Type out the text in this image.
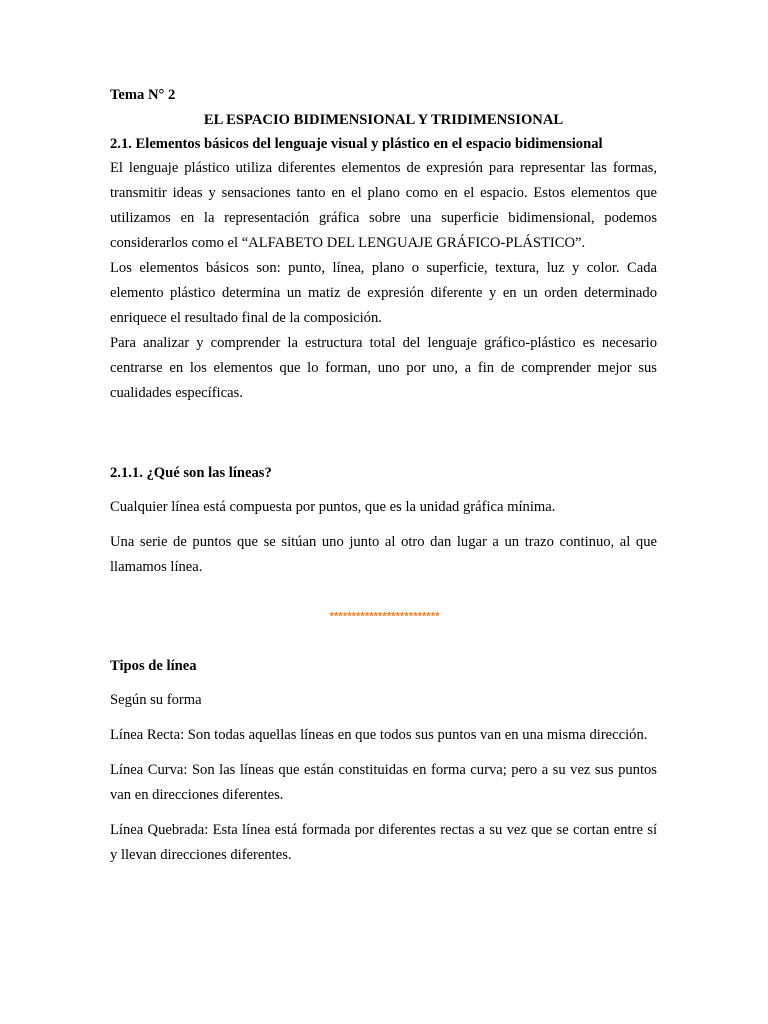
Tema N° 2

EL ESPACIO BIDIMENSIONAL Y TRIDIMENSIONAL

2.1. Elementos básicos del lenguaje visual y plástico en el espacio bidimensional

El lenguaje plástico utiliza diferentes elementos de expresión para representar las formas, transmitir ideas y sensaciones tanto en el plano como en el espacio. Estos elementos que utilizamos en la representación gráfica sobre una superficie bidimensional, podemos considerarlos como el “ALFABETO DEL LENGUAJE GRÁFICO-PLÁSTICO”.

Los elementos básicos son: punto, línea, plano o superficie, textura, luz y color. Cada elemento plástico determina un matiz de expresión diferente y en un orden determinado enriquece el resultado final de la composición.

Para analizar y comprender la estructura total del lenguaje gráfico-plástico es necesario centrarse en los elementos que lo forman, uno por uno, a fin de comprender mejor sus cualidades específicas.

2.1.1. ¿Qué son las líneas?

Cualquier línea está compuesta por puntos, que es la unidad gráfica mínima.

Una serie de puntos que se sitúan uno junto al otro dan lugar a un trazo continuo, al que llamamos línea.

*************************

Tipos de línea

Según su forma

Línea Recta: Son todas aquellas líneas en que todos sus puntos van en una misma dirección.

Línea Curva: Son las líneas que están constituidas en forma curva; pero a su vez sus puntos van en direcciones diferentes.

Línea Quebrada: Esta línea está formada por diferentes rectas a su vez que se cortan entre sí y llevan direcciones diferentes.
